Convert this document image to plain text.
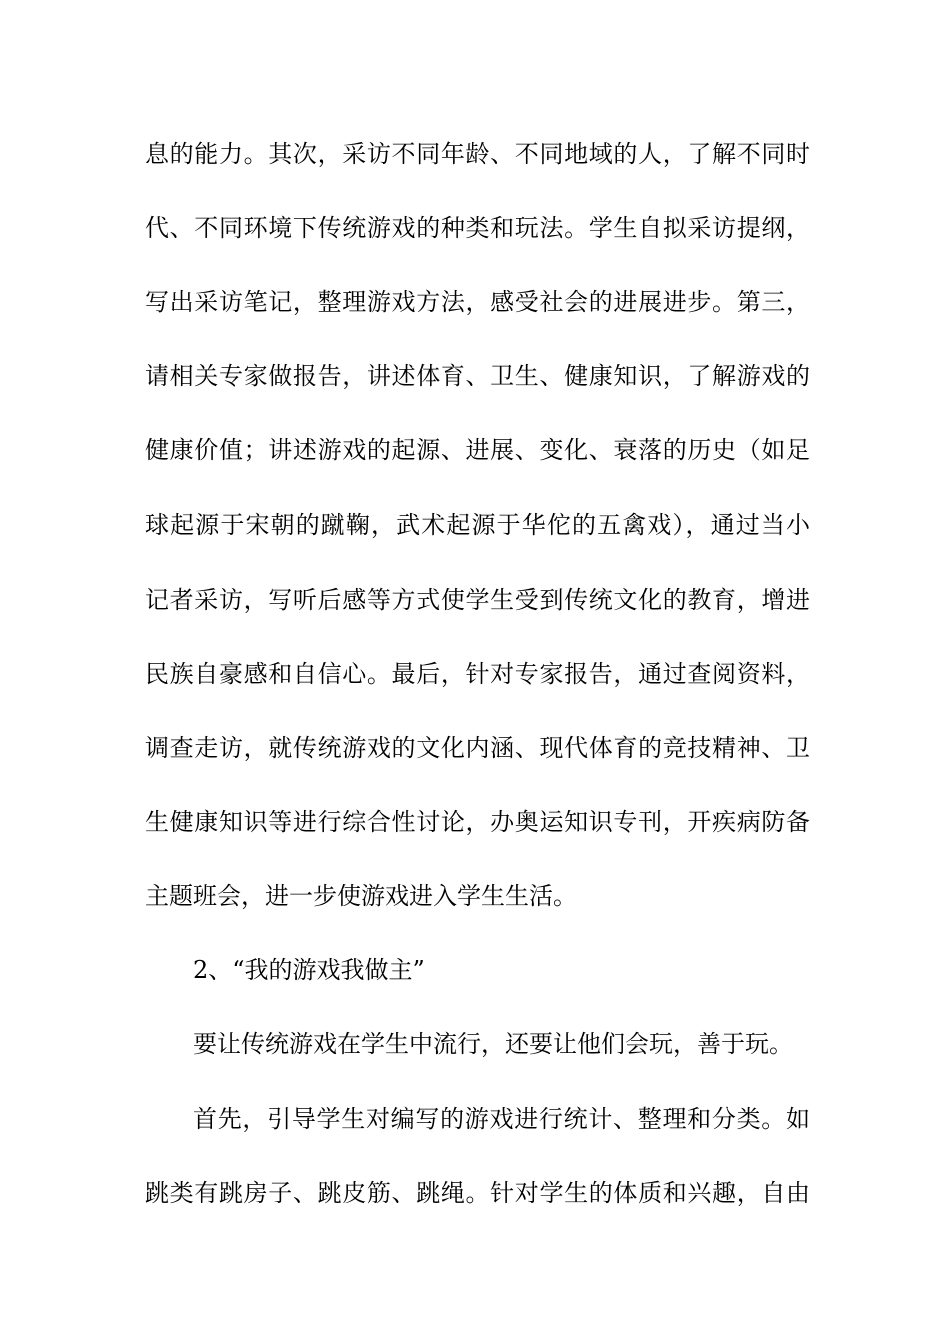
息的能力。其次，采访不同年龄、不同地域的人，了解不同时
代、不同环境下传统游戏的种类和玩法。学生自拟采访提纲，
写出采访笔记，整理游戏方法，感受社会的进展进步。第三，
请相关专家做报告，讲述体育、卫生、健康知识，了解游戏的
健康价值；讲述游戏的起源、进展、变化、衰落的历史（如足
球起源于宋朝的蹴鞠，武术起源于华佗的五禽戏），通过当小
记者采访，写听后感等方式使学生受到传统文化的教育，增进
民族自豪感和自信心。最后，针对专家报告，通过查阅资料，
调查走访，就传统游戏的文化内涵、现代体育的竞技精神、卫
生健康知识等进行综合性讨论，办奥运知识专刊，开疾病防备
主题班会，进一步使游戏进入学生生活。
2、“我的游戏我做主”
要让传统游戏在学生中流行，还要让他们会玩，善于玩。
首先，引导学生对编写的游戏进行统计、整理和分类。如
跳类有跳房子、跳皮筋、跳绳。针对学生的体质和兴趣，自由
